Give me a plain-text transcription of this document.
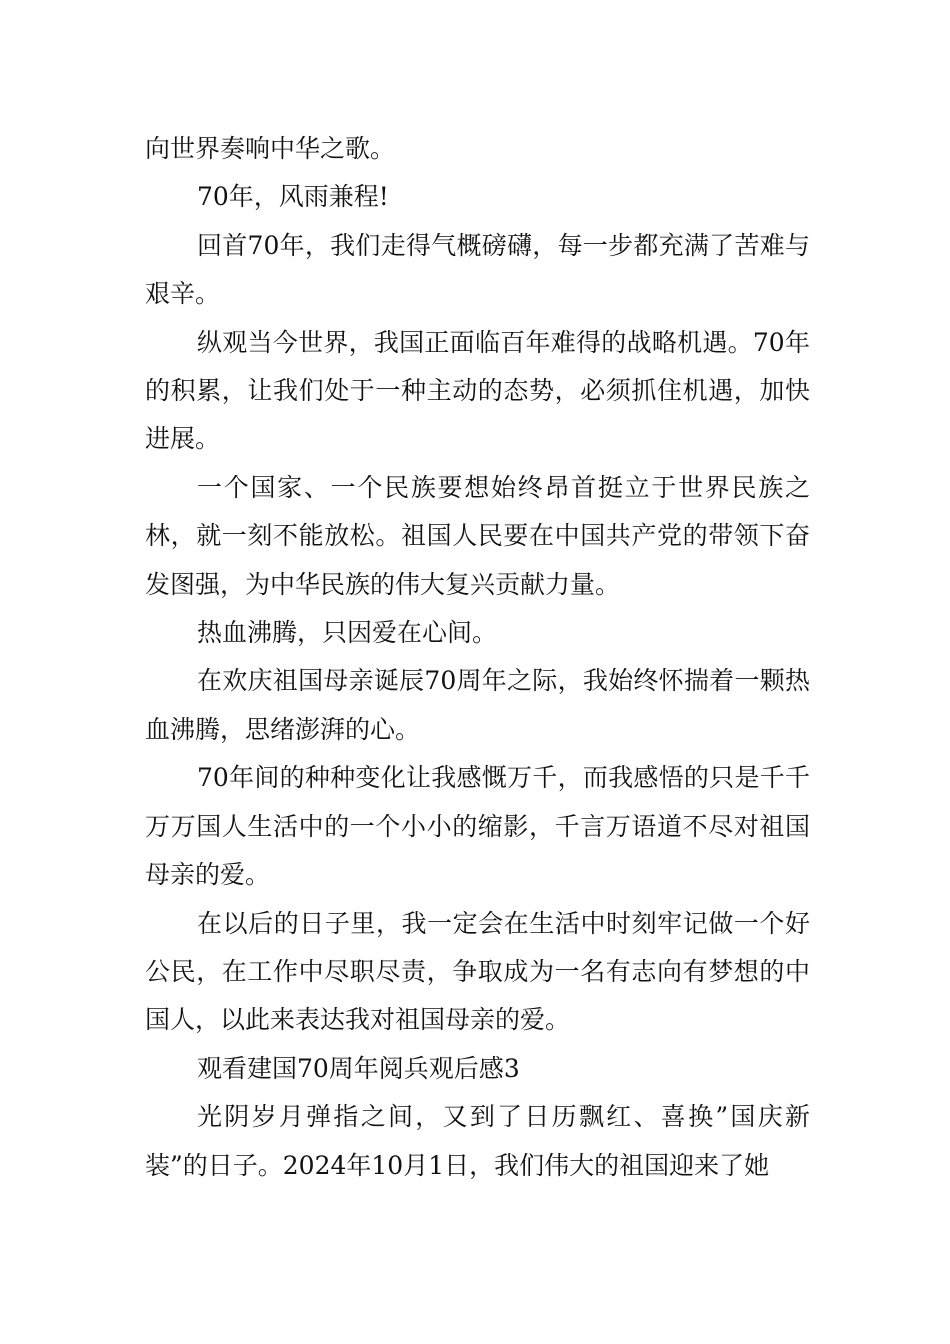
向世界奏响中华之歌。

70年，风雨兼程!

回首70年，我们走得气概磅礴，每一步都充满了苦难与艰辛。

纵观当今世界，我国正面临百年难得的战略机遇。70年的积累，让我们处于一种主动的态势，必须抓住机遇，加快进展。

一个国家、一个民族要想始终昂首挺立于世界民族之林，就一刻不能放松。祖国人民要在中国共产党的带领下奋发图强，为中华民族的伟大复兴贡献力量。

热血沸腾，只因爱在心间。

在欢庆祖国母亲诞辰70周年之际，我始终怀揣着一颗热血沸腾，思绪澎湃的心。

70年间的种种变化让我感慨万千，而我感悟的只是千千万万国人生活中的一个小小的缩影，千言万语道不尽对祖国母亲的爱。

在以后的日子里，我一定会在生活中时刻牢记做一个好公民，在工作中尽职尽责，争取成为一名有志向有梦想的中国人，以此来表达我对祖国母亲的爱。

观看建国70周年阅兵观后感3

光阴岁月弹指之间，又到了日历飘红、喜换”国庆新装”的日子。2024年10月1日，我们伟大的祖国迎来了她
